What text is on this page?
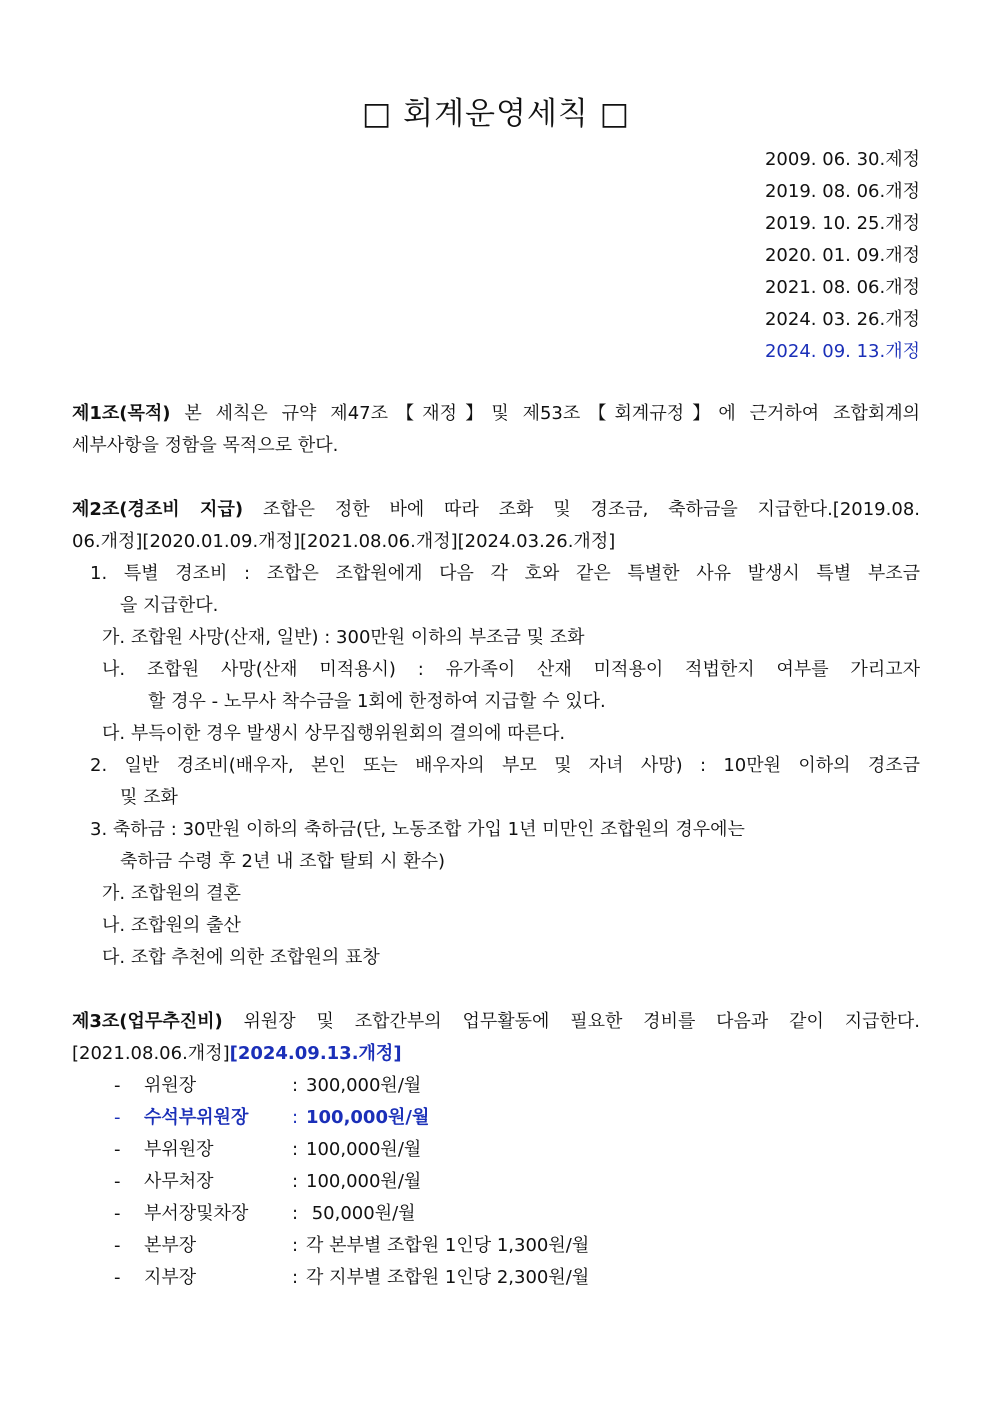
□ 회계운영세칙 □
2009. 06. 30.제정
2019. 08. 06.개정
2019. 10. 25.개정
2020. 01. 09.개정
2021. 08. 06.개정
2024. 03. 26.개정
2024. 09. 13.개정
제1조(목적) 본 세칙은 규약 제47조【재정】및 제53조【회계규정】에 근거하여 조합회계의
세부사항을 정함을 목적으로 한다.
제2조(경조비 지급) 조합은 정한 바에 따라 조화 및 경조금, 축하금을 지급한다.[2019.08.
06.개정][2020.01.09.개정][2021.08.06.개정][2024.03.26.개정]
1. 특별 경조비 : 조합은 조합원에게 다음 각 호와 같은 특별한 사유 발생시 특별 부조금
을 지급한다.
가. 조합원 사망(산재, 일반) : 300만원 이하의 부조금 및 조화
나. 조합원 사망(산재 미적용시) : 유가족이 산재 미적용이 적법한지 여부를 가리고자
할 경우 - 노무사 착수금을 1회에 한정하여 지급할 수 있다.
다. 부득이한 경우 발생시 상무집행위원회의 결의에 따른다.
2. 일반 경조비(배우자, 본인 또는 배우자의 부모 및 자녀 사망) : 10만원 이하의 경조금
및 조화
3. 축하금 : 30만원 이하의 축하금(단, 노동조합 가입 1년 미만인 조합원의 경우에는
축하금 수령 후 2년 내 조합 탈퇴 시 환수)
가. 조합원의 결혼
나. 조합원의 출산
다. 조합 추천에 의한 조합원의 표창
제3조(업무추진비) 위원장 및 조합간부의 업무활동에 필요한 경비를 다음과 같이 지급한다.
[2021.08.06.개정][2024.09.13.개정]
- 위원장	: 300,000원/월
- 수석부위원장 : 100,000원/월
- 부위원장	: 100,000원/월
- 사무처장	: 100,000원/월
- 부서장및차장 : 50,000원/월
- 본부장	: 각 본부별 조합원 1인당 1,300원/월
- 지부장	: 각 지부별 조합원 1인당 2,300원/월
